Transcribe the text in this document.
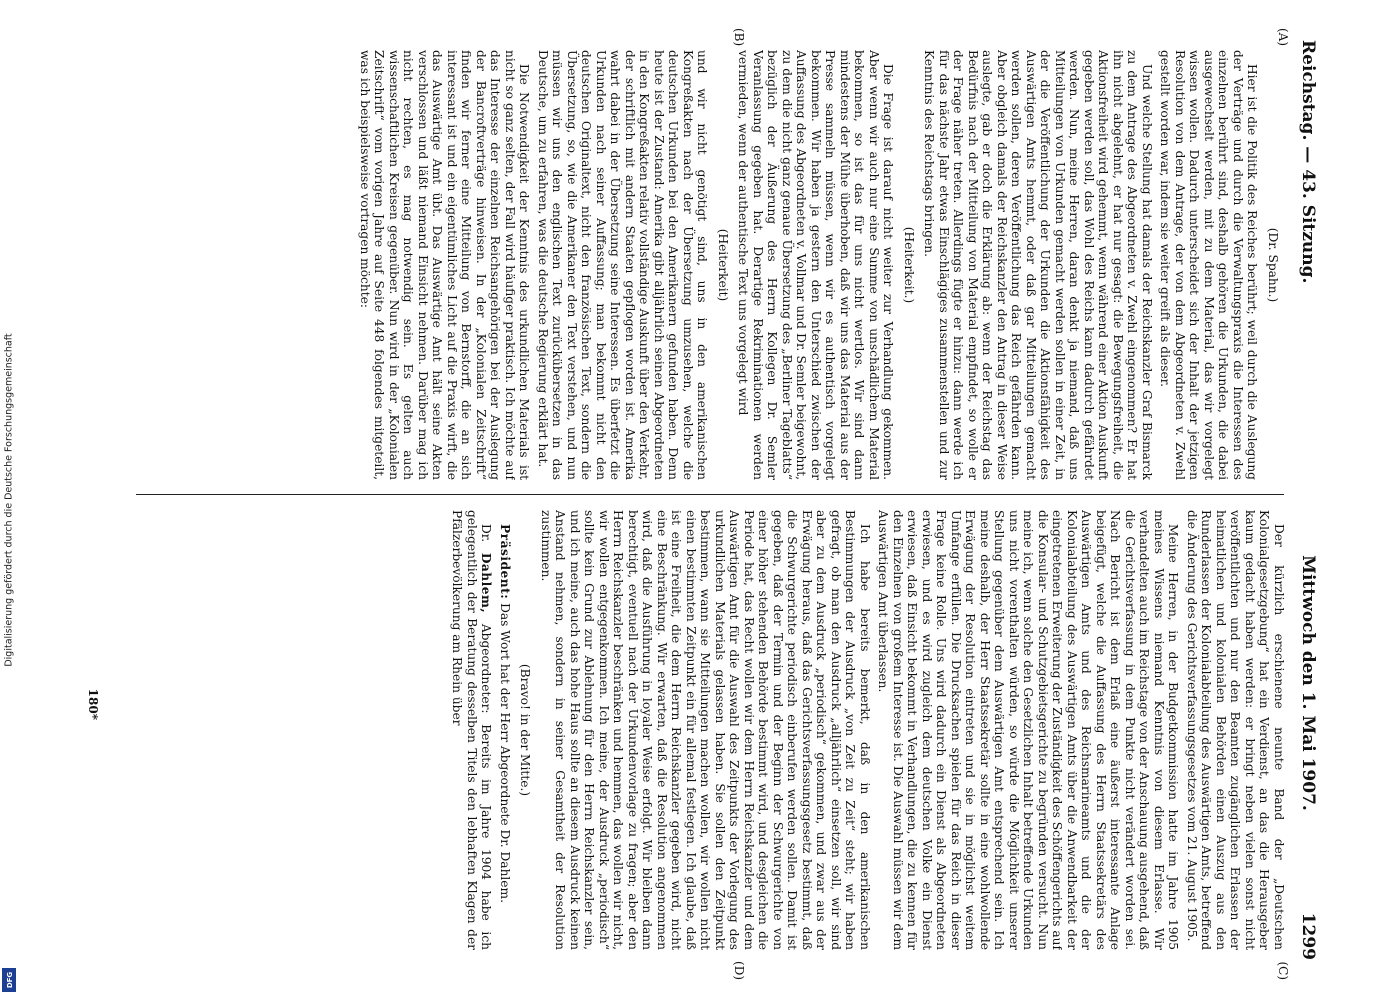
Digitalisierung gefördert durch die Deutsche Forschungsgemeinschaft
DFG
Reichstag. — 43. Sitzung.
Mittwoch den 1. Mai 1907.  1299
(A)
(B)
(C)
(D)

(Dr. Spahn.)

Hier ist die Politik des Reiches berührt; weil durch die Auslegung der Verträge und durch die Verwaltungspraxis die Interessen des einzelnen berührt sind, deshalb gehören die Urkunden, die dabei ausgewechselt werden, mit zu dem Material, das wir vorgelegt wissen wollen. Dadurch unterscheidet sich der Inhalt der jetzigen Resolution von dem Antrage, der von dem Abgeordneten v. Zwehl gestellt worden war, indem sie weiter greift als dieser.

Und welche Stellung hat damals der Reichskanzler Graf Bismarck zu dem Antrage des Abgeordneten v. Zwehl eingenommen? Er hat ihn nicht abgelehnt, er hat nur gesagt: die Bewegungsfreiheit, die Aktionsfreiheit wird gehemmt, wenn während einer Aktion Auskunft gegeben werden soll, das Wohl des Reichs kann dadurch gefährdet werden. Nun, meine Herren, daran denkt ja niemand, daß uns Mitteilungen von Urkunden gemacht werden sollen in einer Zeit, in der die Veröffentlichung der Urkunden die Aktionsfähigkeit des Auswärtigen Amts hemmt, oder daß gar Mitteilungen gemacht werden sollen, deren Veröffentlichung das Reich gefährden kann. Aber obgleich damals der Reichskanzler den Antrag in dieser Weise auslegte, gab er doch die Erklärung ab: wenn der Reichstag das Bedürfnis nach der Mitteilung von Material empfindet, so wolle er der Frage näher treten. Allerdings fügte er hinzu: dann werde ich für das nächste Jahr etwas Einschlägiges zusammenstellen und zur Kenntnis des Reichstags bringen.

(Heiterkeit.)

Die Frage ist darauf nicht weiter zur Verhandlung gekommen. Aber wenn wir auch nur eine Summe von unschädlichem Material bekommen, so ist das für uns nicht wertlos. Wir sind dann mindestens der Mühe überhoben, daß wir uns das Material aus der Presse sammeln müssen, wenn wir es authentisch vorgelegt bekommen. Wir haben ja gestern den Unterschied zwischen der Auffassung des Abgeordneten v. Vollmar und Dr. Semler beigewohnt, zu dem die nicht ganz genaue Übersetzung des „Berliner Tageblatts“ bezüglich der Äußerung des Herrn Kollegen Dr. Semler Veranlassung gegeben hat. Derartige Rekriminationen werden vermieden, wenn der authentische Text uns vorgelegt wird

(Heiterkeit)

und wir nicht genötigt sind, uns in den amerikanischen Kongreßakten nach der Übersetzung umzusehen, welche die deutschen Urkunden bei den Amerikanern gefunden haben. Denn heute ist der Zustand: Amerika gibt alljährlich seinen Abgeordneten in den Kongreßakten relativ vollständige Auskunft über den Verkehr, der schriftlich mit andern Staaten gepflogen worden ist. Amerika wahrt dabei in der Übersetzung seine Interessen. Es überfetzt die Urkunden nach seiner Auffassung; man bekommt nicht den deutschen Originaltext, nicht den französischen Text, sondern die Übersetzung, so, wie die Amerikaner den Text verstehen, und nun müssen wir uns den englischen Text zurückübersetzen in das Deutsche, um zu erfahren, was die deutsche Regierung erklärt hat.

Die Notwendigkeit der Kenntnis des urkundlichen Materials ist nicht so ganz selten, der Fall wird häufiger praktisch. Ich möchte auf das Interesse der einzelnen Reichsangehörigen bei der Auslegung der Bancroftverträge hinweisen. In der „Kolonialen Zeitschrift“ finden wir ferner eine Mitteilung von Bernstorff, die an sich interessant ist und ein eigentümliches Licht auf die Praxis wirft, die das Auswärtige Amt übt. Das Auswärtige Amt hält seine Akten verschlossen und läßt niemand Einsicht nehmen. Darüber mag ich nicht rechten, es mag notwendig sein. Es gelten auch wissenschaftlichen Kreisen gegenüber. Nun wird in der „Kolonialen Zeitschrift“ vom vorigen Jahre auf Seite 448 folgendes mitgeteilt, was ich beispielsweise vortragen möchte:

Der kürzlich erschienene neunte Band der „Deutschen Kolonialgesetzgebung“ hat ein Verdienst, an das die Herausgeber kaum gedacht haben werden: er bringt neben vielen sonst nicht veröffentlichten und nur den Beamten zugänglichen Erlassen der heimatlichen und kolonialen Behörden einen Auszug aus den Runderlassen der Kolonialabteilung des Auswärtigen Amts, betreffend die Änderung des Gerichtsverfassungsgesetzes vom 21. August 1905.

Meine Herren, in der Budgetkommission hatte im Jahre 1905 meines Wissens niemand Kenntnis von diesem Erlasse. Wir verhandelten auch im Reichstage von der Anschauung ausgehend, daß die Gerichtsverfassung in dem Punkte nicht verändert worden sei. Nach Bericht ist dem Erlaß eine äußerst interessante Anlage beigefügt, welche die Auffassung des Herrn Staatssekretärs des Auswärtigen Amts und des Reichsmarineamts und die der Kolonialabteilung des Auswärtigen Amts über die Anwendbarkeit der eingetretenen Erweiterung der Zuständigkeit des Schöffengerichts auf die Konsular- und Schutzgebietsgerichte zu begründen versucht. Nun meine ich, wenn solche den Gesetzlichen Inhalt betreffende Urkunden uns nicht vorenthalten würden, so würde die Möglichkeit unserer Stellung gegenüber dem Auswärtigen Amt entsprechend sein. Ich meine deshalb, der Herr Staatssekretär sollte in eine wohlwollende Erwägung der Resolution eintreten und sie in möglichst weitem Umfange erfüllen. Die Drucksachen spielen für das Reich in dieser Frage keine Rolle. Uns wird dadurch ein Dienst als Abgeordneten erwiesen, und es wird zugleich dem deutschen Volke ein Dienst erwiesen, daß Einsicht bekommt in Verhandlungen, die zu kennen für den Einzelnen von großem Interesse ist. Die Auswahl müssen wir dem Auswärtigen Amt überlassen.

Ich habe bereits bemerkt, daß in den amerikanischen Bestimmungen der Ausdruck „von Zeit zu Zeit“ steht; wir haben gefragt, ob man den Ausdruck „alljährlich“ einsetzen soll, wir sind aber zu dem Ausdruck „periodisch“ gekommen, und zwar aus der Erwägung heraus, daß das Gerichtsverfassungsgesetz bestimmt, daß die Schwurgerichte periodisch einberufen werden sollen. Damit ist gegeben, daß der Termin und der Beginn der Schwurgerichte von einer höher stehenden Behörde bestimmt wird, und desgleichen die Periode hat, das Recht wollen wir dem Herrn Reichskanzler und dem Auswärtigen Amt für die Auswahl des Zeitpunkts der Vorlegung des urkundlichen Materials gelassen haben. Sie sollen den Zeitpunkt bestimmen, wann sie Mitteilungen machen wollen, wir wollen nicht einen bestimmten Zeitpunkt ein für allemal festlegen. Ich glaube, daß ist eine Freiheit, die dem Herrn Reichskanzler gegeben wird, nicht eine Beschränkung. Wir erwarten, daß die Resolution angenommen wird, daß die Ausführung in loyaler Weise erfolgt. Wir bleiben dann berechtigt, eventuell nach der Urkundenvorlage zu fragen; aber den Herrn Reichskanzler beschränken und hemmen, das wollen wir nicht, wir wollen entgegenkommen. Ich meine, der Ausdruck „periodisch“ sollte kein Grund zur Ablehnung für den Herrn Reichskanzler sein, und ich meine, auch das hohe Haus sollte an diesem Ausdruck keinen Anstand nehmen, sondern in seiner Gesamtheit der Resolution zustimmen.

(Bravo! in der Mitte.)

Präsident: Das Wort hat der Herr Abgeordnete Dr. Dahlem.

Dr. Dahlem, Abgeordneter: Bereits im Jahre 1904 habe ich gelegentlich der Beratung desselben Titels den lebhaften Klagen der Pfälzerbevölkerung am Rhein über

180*
